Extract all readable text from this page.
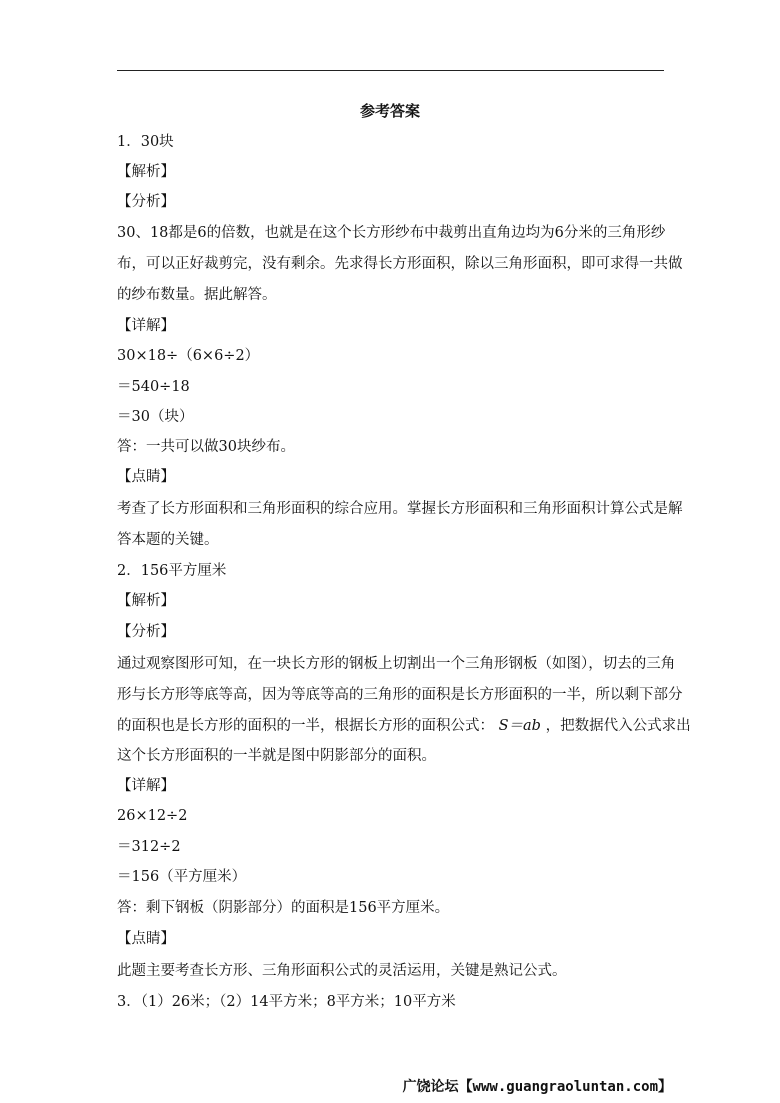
参考答案
1．30块
【解析】
【分析】
30、18都是6的倍数，也就是在这个长方形纱布中裁剪出直角边均为6分米的三角形纱
布，可以正好裁剪完，没有剩余。先求得长方形面积，除以三角形面积，即可求得一共做
的纱布数量。据此解答。
【详解】
30×18÷（6×6÷2）
＝540÷18
＝30（块）
答：一共可以做30块纱布。
【点睛】
考查了长方形面积和三角形面积的综合应用。掌握长方形面积和三角形面积计算公式是解
答本题的关键。
2．156平方厘米
【解析】
【分析】
通过观察图形可知，在一块长方形的钢板上切割出一个三角形钢板（如图），切去的三角
形与长方形等底等高，因为等底等高的三角形的面积是长方形面积的一半，所以剩下部分
的面积也是长方形的面积的一半，根据长方形的面积公式： S＝ab ，把数据代入公式求出
这个长方形面积的一半就是图中阴影部分的面积。
【详解】
26×12÷2
＝312÷2
＝156（平方厘米）
答：剩下钢板（阴影部分）的面积是156平方厘米。
【点睛】
此题主要考查长方形、三角形面积公式的灵活运用，关键是熟记公式。
3．（1）26米；（2）14平方米；8平方米；10平方米
广饶论坛【www.guangraoluntan.com】
